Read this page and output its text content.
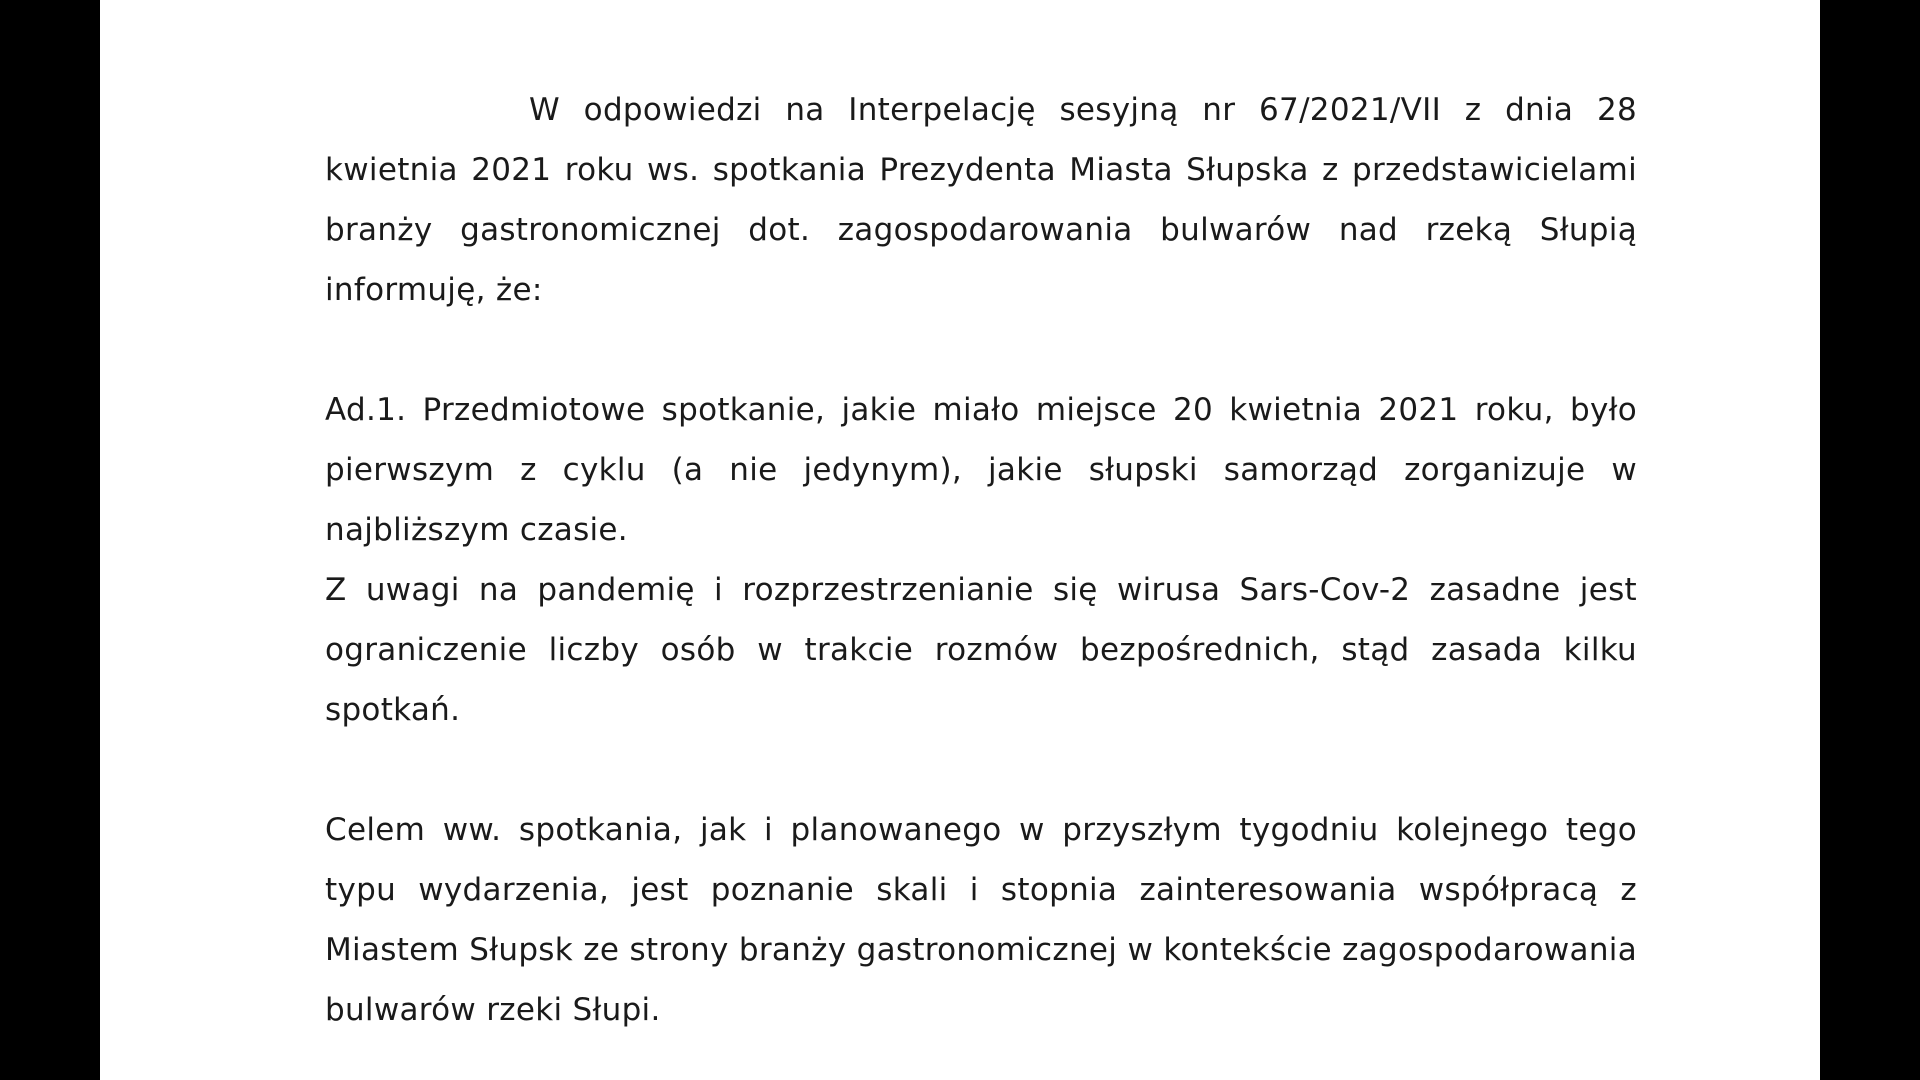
W odpowiedzi na Interpelację sesyjną nr 67/2021/VII z dnia 28 kwietnia 2021 roku ws. spotkania Prezydenta Miasta Słupska z przedstawicielami branży gastronomicznej dot. zagospodarowania bulwarów nad rzeką Słupią informuję, że:

Ad.1. Przedmiotowe spotkanie, jakie miało miejsce 20 kwietnia 2021 roku, było pierwszym z cyklu (a nie jedynym), jakie słupski samorząd zorganizuje w najbliższym czasie.

Z uwagi na pandemię i rozprzestrzenianie się wirusa Sars-Cov-2 zasadne jest ograniczenie liczby osób w trakcie rozmów bezpośrednich, stąd zasada kilku spotkań.

Celem ww. spotkania, jak i planowanego w przyszłym tygodniu kolejnego tego typu wydarzenia, jest poznanie skali i stopnia zainteresowania współpracą z Miastem Słupsk ze strony branży gastronomicznej w kontekście zagospodarowania bulwarów rzeki Słupi.
